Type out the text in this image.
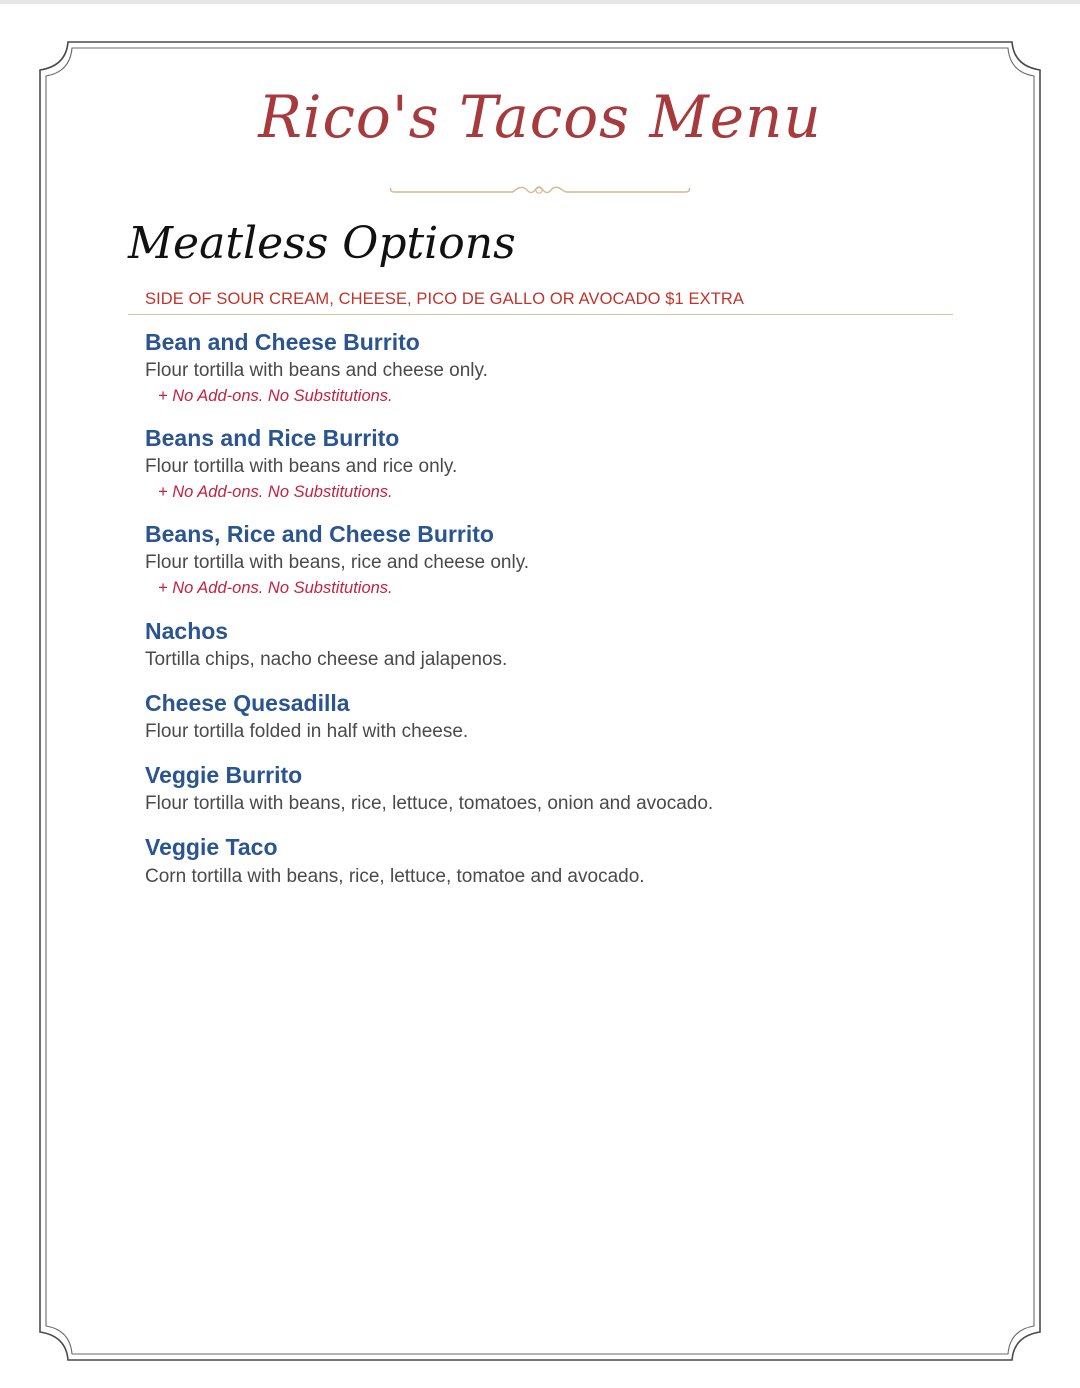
Rico's Tacos Menu
Meatless Options
SIDE OF SOUR CREAM, CHEESE, PICO DE GALLO OR AVOCADO $1 EXTRA
Bean and Cheese Burrito
Flour tortilla with beans and cheese only.
+ No Add-ons. No Substitutions.
Beans and Rice Burrito
Flour tortilla with beans and rice only.
+ No Add-ons. No Substitutions.
Beans, Rice and Cheese Burrito
Flour tortilla with beans, rice and cheese only.
+ No Add-ons. No Substitutions.
Nachos
Tortilla chips, nacho cheese and jalapenos.
Cheese Quesadilla
Flour tortilla folded in half with cheese.
Veggie Burrito
Flour tortilla with beans, rice, lettuce, tomatoes, onion and avocado.
Veggie Taco
Corn tortilla with beans, rice, lettuce, tomatoe and avocado.
